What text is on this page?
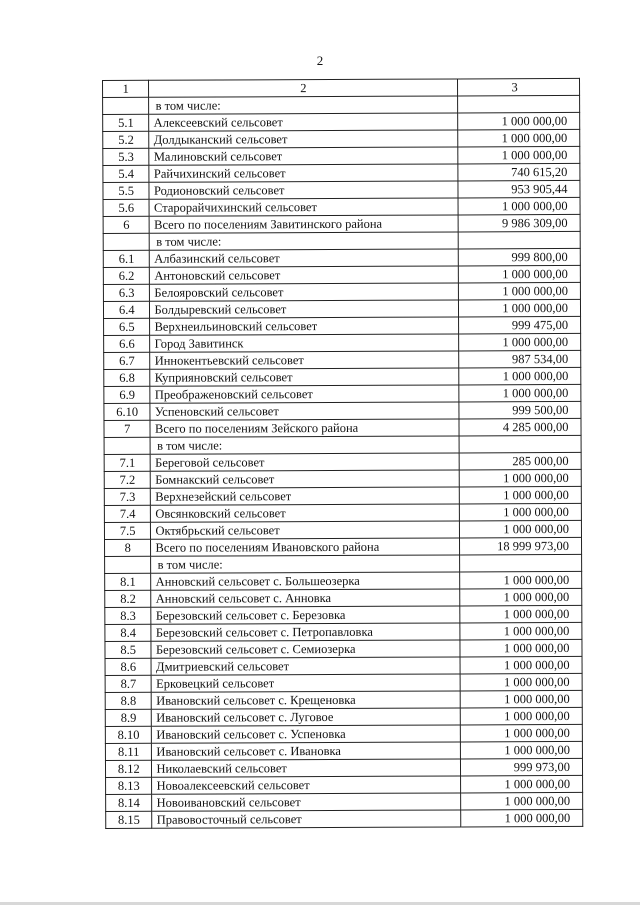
2
1	2	3
	в том числе:	
5.1	Алексеевский сельсовет	1 000 000,00
5.2	Долдыканский сельсовет	1 000 000,00
5.3	Малиновский сельсовет	1 000 000,00
5.4	Райчихинский сельсовет	740 615,20
5.5	Родионовский сельсовет	953 905,44
5.6	Старорайчихинский сельсовет	1 000 000,00
6	Всего по поселениям Завитинского района	9 986 309,00
	в том числе:	
6.1	Албазинский сельсовет	999 800,00
6.2	Антоновский сельсовет	1 000 000,00
6.3	Белояровский сельсовет	1 000 000,00
6.4	Болдыревский сельсовет	1 000 000,00
6.5	Верхнеильиновский сельсовет	999 475,00
6.6	Город Завитинск	1 000 000,00
6.7	Иннокентьевский сельсовет	987 534,00
6.8	Куприяновский сельсовет	1 000 000,00
6.9	Преображеновский сельсовет	1 000 000,00
6.10	Успеновский сельсовет	999 500,00
7	Всего по поселениям Зейского района	4 285 000,00
	в том числе:	
7.1	Береговой сельсовет	285 000,00
7.2	Бомнакский сельсовет	1 000 000,00
7.3	Верхнезейский сельсовет	1 000 000,00
7.4	Овсянковский сельсовет	1 000 000,00
7.5	Октябрьский сельсовет	1 000 000,00
8	Всего по поселениям Ивановского района	18 999 973,00
	в том числе:	
8.1	Анновский сельсовет с. Большеозерка	1 000 000,00
8.2	Анновский сельсовет с. Анновка	1 000 000,00
8.3	Березовский сельсовет с. Березовка	1 000 000,00
8.4	Березовский сельсовет с. Петропавловка	1 000 000,00
8.5	Березовский сельсовет с. Семиозерка	1 000 000,00
8.6	Дмитриевский сельсовет	1 000 000,00
8.7	Ерковецкий сельсовет	1 000 000,00
8.8	Ивановский сельсовет с. Крещеновка	1 000 000,00
8.9	Ивановский сельсовет с. Луговое	1 000 000,00
8.10	Ивановский сельсовет с. Успеновка	1 000 000,00
8.11	Ивановский сельсовет с. Ивановка	1 000 000,00
8.12	Николаевский сельсовет	999 973,00
8.13	Новоалексеевский сельсовет	1 000 000,00
8.14	Новоивановский сельсовет	1 000 000,00
8.15	Правовосточный сельсовет	1 000 000,00
